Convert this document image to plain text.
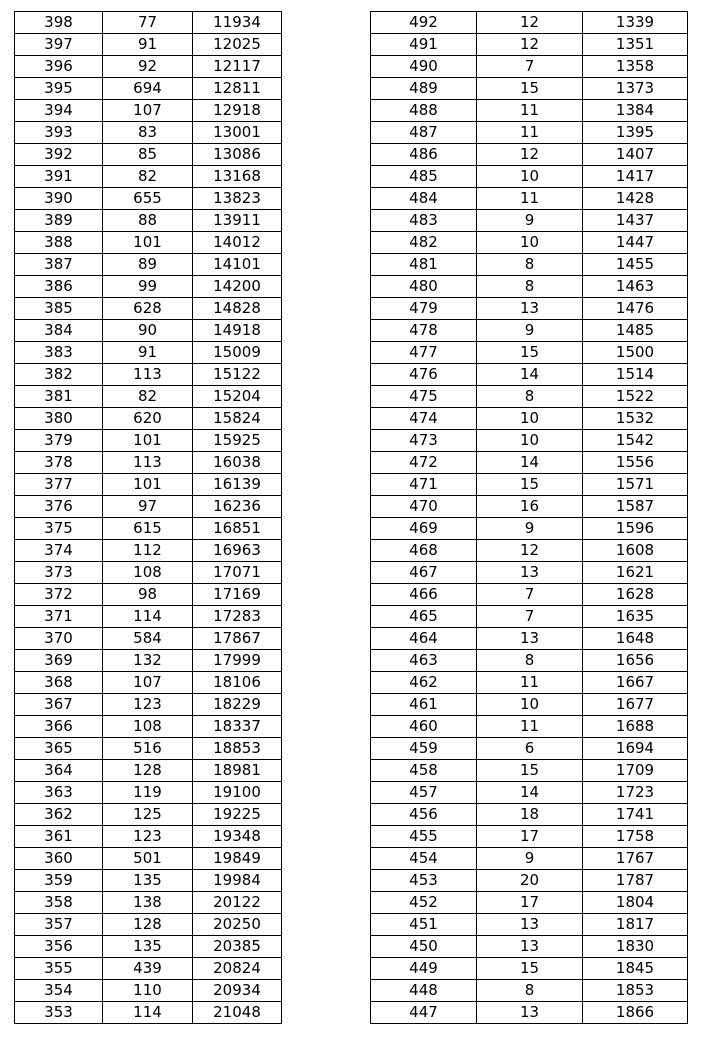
398	77	11934
397	91	12025
396	92	12117
395	694	12811
394	107	12918
393	83	13001
392	85	13086
391	82	13168
390	655	13823
389	88	13911
388	101	14012
387	89	14101
386	99	14200
385	628	14828
384	90	14918
383	91	15009
382	113	15122
381	82	15204
380	620	15824
379	101	15925
378	113	16038
377	101	16139
376	97	16236
375	615	16851
374	112	16963
373	108	17071
372	98	17169
371	114	17283
370	584	17867
369	132	17999
368	107	18106
367	123	18229
366	108	18337
365	516	18853
364	128	18981
363	119	19100
362	125	19225
361	123	19348
360	501	19849
359	135	19984
358	138	20122
357	128	20250
356	135	20385
355	439	20824
354	110	20934
353	114	21048
492	12	1339
491	12	1351
490	7	1358
489	15	1373
488	11	1384
487	11	1395
486	12	1407
485	10	1417
484	11	1428
483	9	1437
482	10	1447
481	8	1455
480	8	1463
479	13	1476
478	9	1485
477	15	1500
476	14	1514
475	8	1522
474	10	1532
473	10	1542
472	14	1556
471	15	1571
470	16	1587
469	9	1596
468	12	1608
467	13	1621
466	7	1628
465	7	1635
464	13	1648
463	8	1656
462	11	1667
461	10	1677
460	11	1688
459	6	1694
458	15	1709
457	14	1723
456	18	1741
455	17	1758
454	9	1767
453	20	1787
452	17	1804
451	13	1817
450	13	1830
449	15	1845
448	8	1853
447	13	1866
